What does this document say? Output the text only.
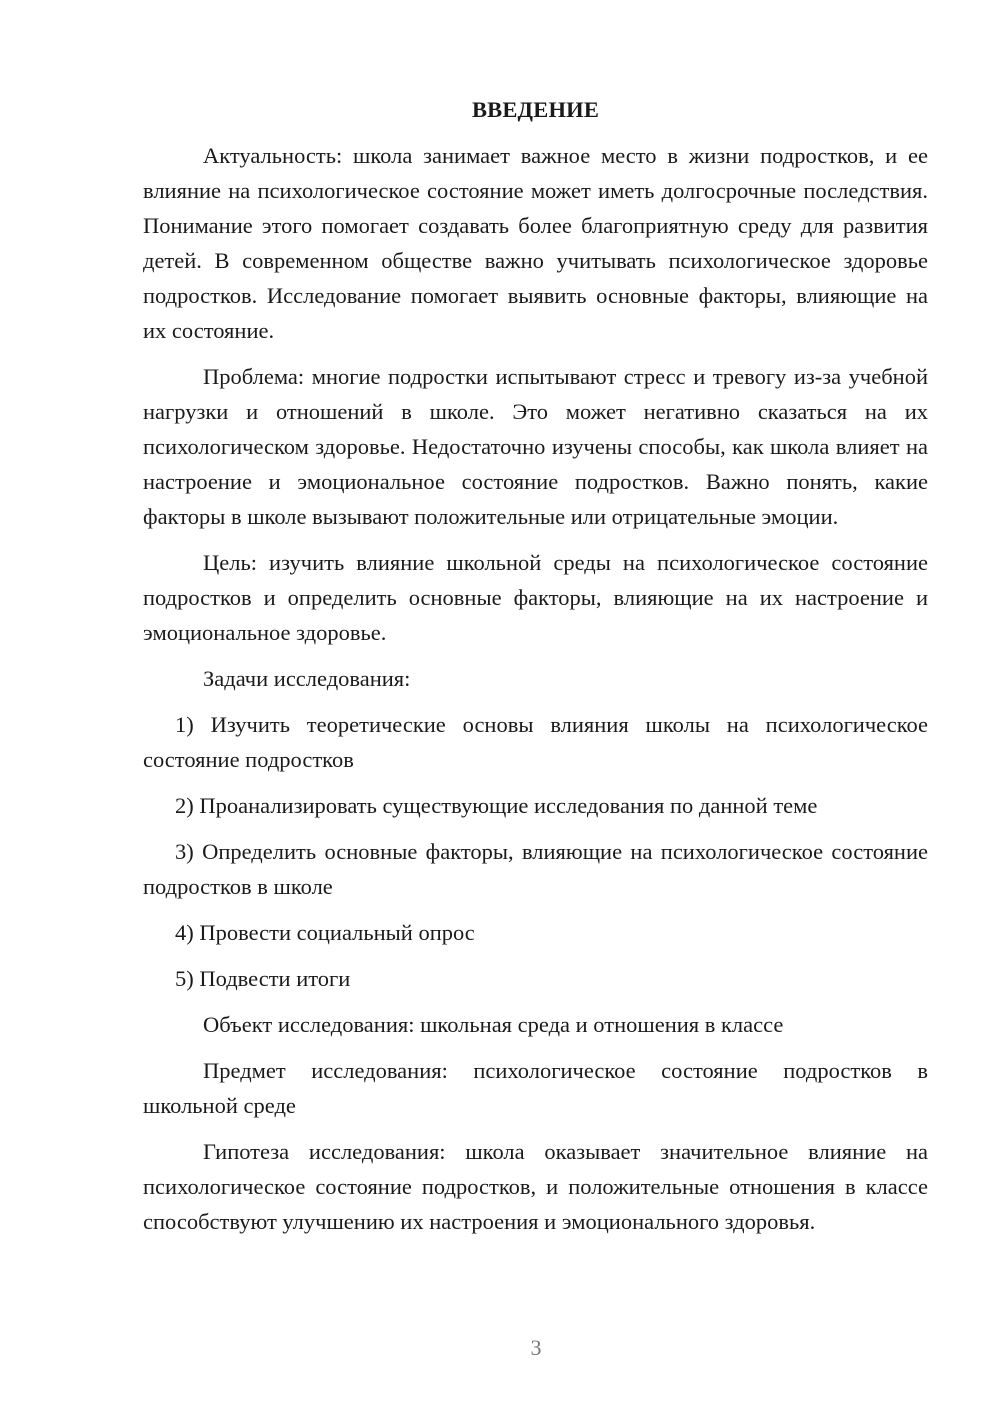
ВВЕДЕНИЕ

Актуальность: школа занимает важное место в жизни подростков, и ее влияние на психологическое состояние может иметь долгосрочные последствия. Понимание этого помогает создавать более благоприятную среду для развития детей. В современном обществе важно учитывать психологическое здоровье подростков. Исследование помогает выявить основные факторы, влияющие на их состояние.

Проблема: многие подростки испытывают стресс и тревогу из-за учебной нагрузки и отношений в школе. Это может негативно сказаться на их психологическом здоровье. Недостаточно изучены способы, как школа влияет на настроение и эмоциональное состояние подростков. Важно понять, какие факторы в школе вызывают положительные или отрицательные эмоции.

Цель: изучить влияние школьной среды на психологическое состояние подростков и определить основные факторы, влияющие на их настроение и эмоциональное здоровье.

Задачи исследования:

1) Изучить теоретические основы влияния школы на психологическое состояние подростков

2) Проанализировать существующие исследования по данной теме

3) Определить основные факторы, влияющие на психологическое состояние подростков в школе

4) Провести социальный опрос

5) Подвести итоги

Объект исследования: школьная среда и отношения в классе

Предмет исследования: психологическое состояние подростков в школьной среде

Гипотеза исследования: школа оказывает значительное влияние на психологическое состояние подростков, и положительные отношения в классе способствуют улучшению их настроения и эмоционального здоровья.

3
